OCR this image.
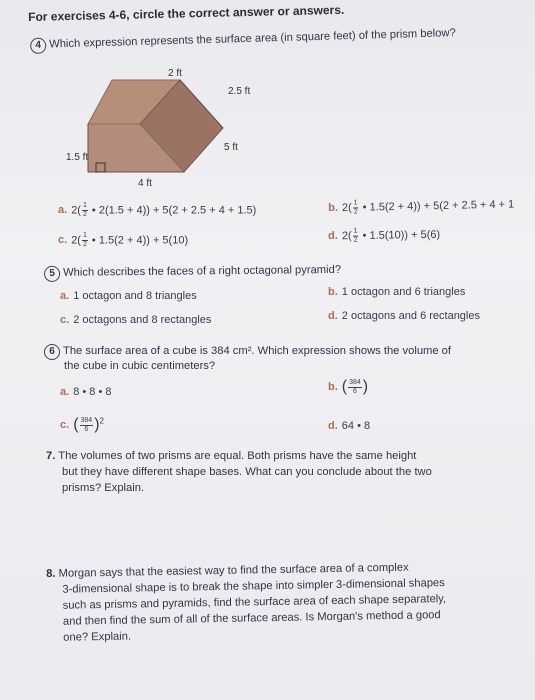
For exercises 4-6, circle the correct answer or answers.
4 Which expression represents the surface area (in square feet) of the prism below?
2 ft
2.5 ft
5 ft
1.5 ft
4 ft
a. $2( \frac{1}{2}$ • 2(1.5 + 4)) + 5(2 + 2.5 + 4 + 1.5)	b. $2( \frac{1}{2}$ • 1.5(2 + 4)) + 5(2 + 2.5 + 4 + 1
c. $2( \frac{1}{2}$ • 1.5(2 + 4)) + 5(10)	d. $2( \frac{1}{2}$ • 1.5(10)) + 5(6)
5 Which describes the faces of a right octagonal pyramid?
a. 1 octagon and 8 triangles	b. 1 octagon and 6 triangles
c. 2 octagons and 8 rectangles	d. 2 octagons and 6 rectangles
6 The surface area of a cube is 384 cm². Which expression shows the volume of
the cube in cubic centimeters?
a. 8 • 8 • 8	b. ( $\frac{384}{6}$ )
c. ( $\frac{384}{6} )^2$	d. 64 • 8
7. The volumes of two prisms are equal. Both prisms have the same height
but they have different shape bases. What can you conclude about the two
prisms? Explain.
8. Morgan says that the easiest way to find the surface area of a complex
3-dimensional shape is to break the shape into simpler 3-dimensional shapes
such as prisms and pyramids, find the surface area of each shape separately,
and then find the sum of all of the surface areas. Is Morgan's method a good
one? Explain.
